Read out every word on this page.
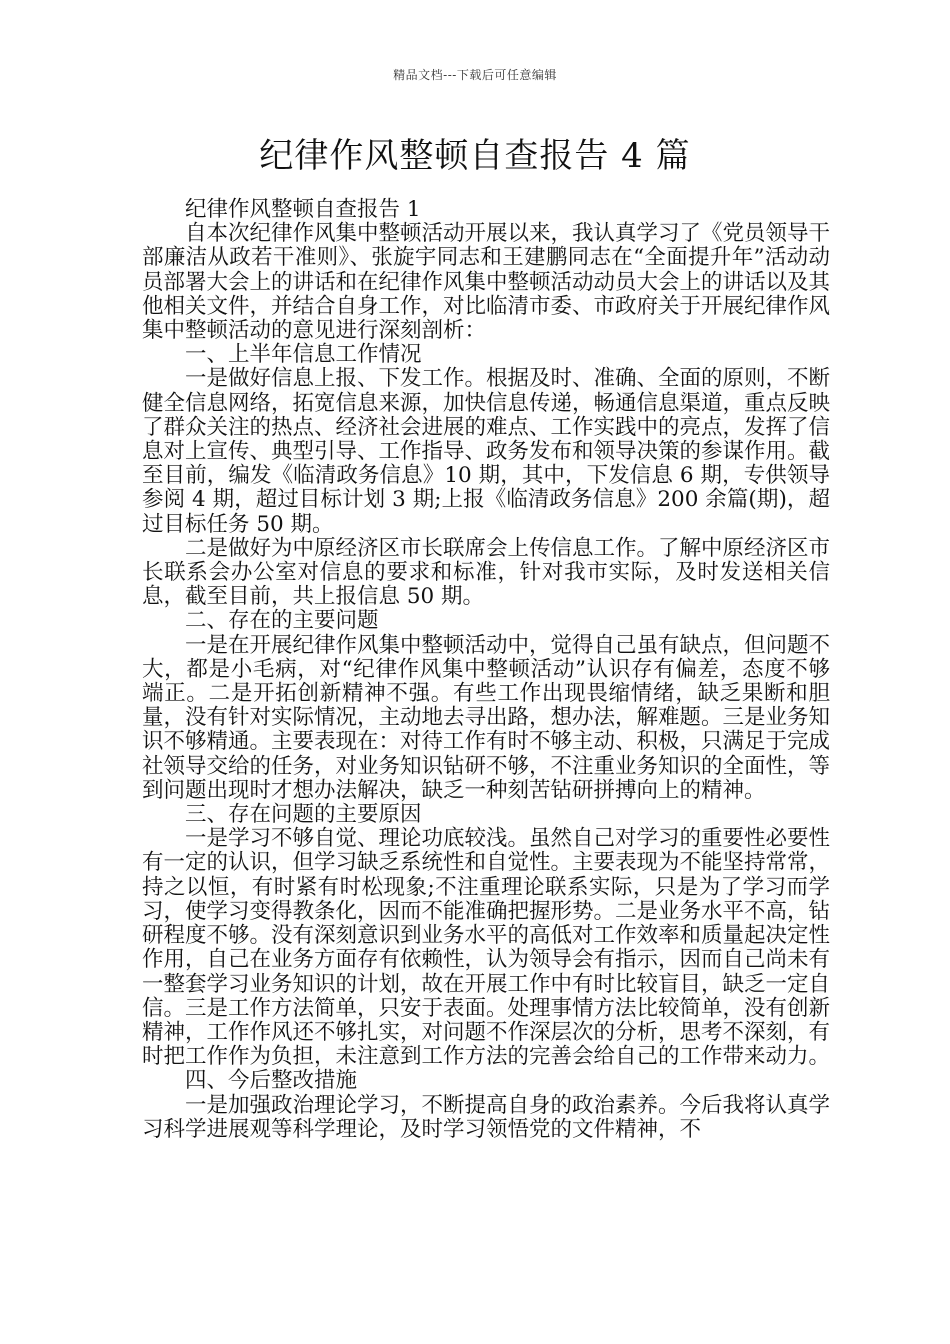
精品文档---下载后可任意编辑
纪律作风整顿自查报告 4 篇

纪律作风整顿自查报告 1

自本次纪律作风集中整顿活动开展以来，我认真学习了《党员领导干部廉洁从政若干准则》、张旋宇同志和王建鹏同志在“全面提升年”活动动员部署大会上的讲话和在纪律作风集中整顿活动动员大会上的讲话以及其他相关文件，并结合自身工作，对比临清市委、市政府关于开展纪律作风集中整顿活动的意见进行深刻剖析：

一、上半年信息工作情况

一是做好信息上报、下发工作。根据及时、准确、全面的原则，不断健全信息网络，拓宽信息来源，加快信息传递，畅通信息渠道，重点反映了群众关注的热点、经济社会进展的难点、工作实践中的亮点，发挥了信息对上宣传、典型引导、工作指导、政务发布和领导决策的参谋作用。截至目前，编发《临清政务信息》10 期，其中，下发信息 6 期，专供领导参阅 4 期，超过目标计划 3 期;上报《临清政务信息》200 余篇(期)，超过目标任务 50 期。

二是做好为中原经济区市长联席会上传信息工作。了解中原经济区市长联系会办公室对信息的要求和标准，针对我市实际，及时发送相关信息，截至目前，共上报信息 50 期。

二、存在的主要问题

一是在开展纪律作风集中整顿活动中，觉得自己虽有缺点，但问题不大，都是小毛病，对“纪律作风集中整顿活动”认识存有偏差，态度不够端正。二是开拓创新精神不强。有些工作出现畏缩情绪，缺乏果断和胆量，没有针对实际情况，主动地去寻出路，想办法，解难题。三是业务知识不够精通。主要表现在：对待工作有时不够主动、积极，只满足于完成社领导交给的任务，对业务知识钻研不够，不注重业务知识的全面性，等到问题出现时才想办法解决，缺乏一种刻苦钻研拼搏向上的精神。

三、存在问题的主要原因

一是学习不够自觉、理论功底较浅。虽然自己对学习的重要性必要性有一定的认识，但学习缺乏系统性和自觉性。主要表现为不能坚持常常，持之以恒，有时紧有时松现象;不注重理论联系实际，只是为了学习而学习，使学习变得教条化，因而不能准确把握形势。二是业务水平不高，钻研程度不够。没有深刻意识到业务水平的高低对工作效率和质量起决定性作用，自己在业务方面存有依赖性，认为领导会有指示，因而自己尚未有一整套学习业务知识的计划，故在开展工作中有时比较盲目，缺乏一定自信。三是工作方法简单，只安于表面。处理事情方法比较简单，没有创新精神，工作作风还不够扎实，对问题不作深层次的分析，思考不深刻，有时把工作作为负担，未注意到工作方法的完善会给自己的工作带来动力。

四、今后整改措施

一是加强政治理论学习，不断提高自身的政治素养。今后我将认真学习科学进展观等科学理论，及时学习领悟党的文件精神，不
